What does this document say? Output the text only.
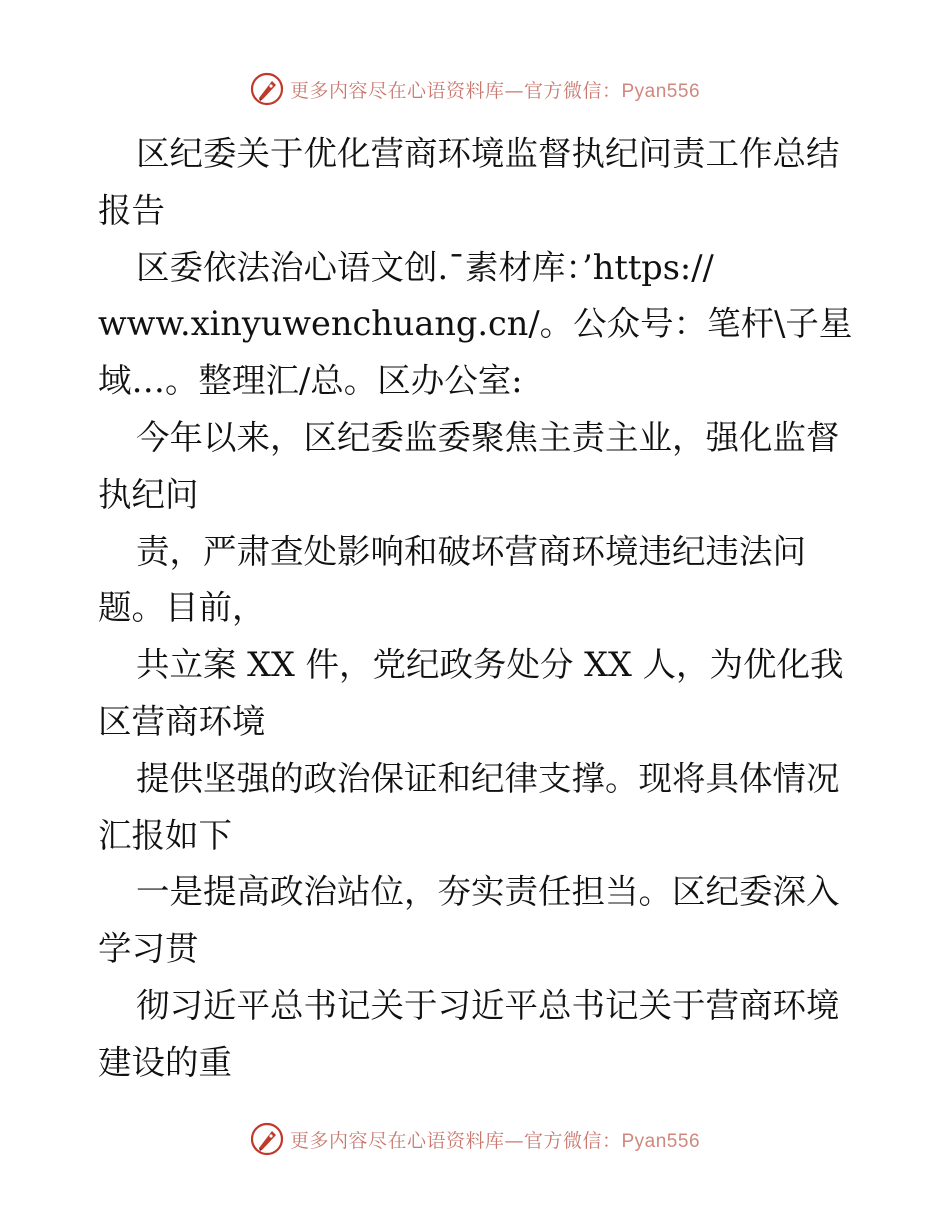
更多内容尽在心语资料库—官方微信：Pyan556
区纪委关于优化营商环境监督执纪问责工作总结
报告
区委依法治心语文创.¯素材库：’https://
www.xinyuwenchuang.cn/。公众号：笔杆\子星
域…。整理汇/总。区办公室:
今年以来，区纪委监委聚焦主责主业，强化监督
执纪问
责，严肃查处影响和破坏营商环境违纪违法问
题。目前，
共立案 XX 件，党纪政务处分 XX 人，为优化我
区营商环境
提供坚强的政治保证和纪律支撑。现将具体情况
汇报如下
一是提高政治站位，夯实责任担当。区纪委深入
学习贯
彻习近平总书记关于习近平总书记关于营商环境
建设的重
更多内容尽在心语资料库—官方微信：Pyan556
